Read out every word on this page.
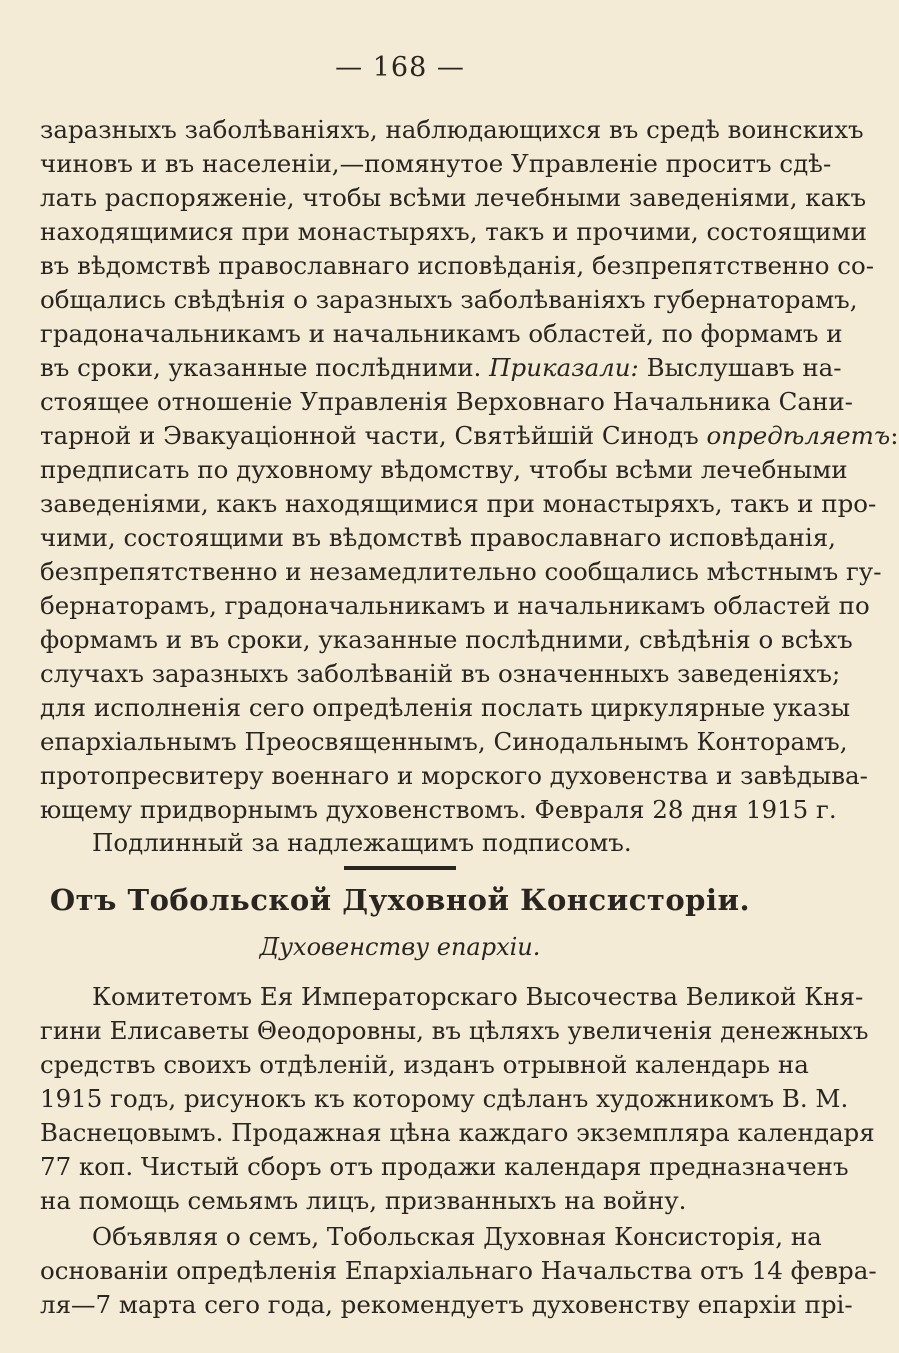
— 168 —
заразныхъ заболѣваніяхъ, наблюдающихся въ средѣ воинскихъ
чиновъ и въ населеніи,—помянутое Управленіе проситъ сдѣ-
лать распоряженіе, чтобы всѣми лечебными заведеніями, какъ
находящимися при монастыряхъ, такъ и прочими, состоящими
въ вѣдомствѣ православнаго исповѣданія, безпрепятственно со-
общались свѣдѣнія о заразныхъ заболѣваніяхъ губернаторамъ,
градоначальникамъ и начальникамъ областей, по формамъ и
въ сроки, указанные послѣдними. Приказали: Выслушавъ на-
стоящее отношеніе Управленія Верховнаго Начальника Сани-
тарной и Эвакуаціонной части, Святѣйшій Синодъ опредѣляетъ:
предписать по духовному вѣдомству, чтобы всѣми лечебными
заведеніями, какъ находящимися при монастыряхъ, такъ и про-
чими, состоящими въ вѣдомствѣ православнаго исповѣданія,
безпрепятственно и незамедлительно сообщались мѣстнымъ гу-
бернаторамъ, градоначальникамъ и начальникамъ областей по
формамъ и въ сроки, указанные послѣдними, свѣдѣнія о всѣхъ
случахъ заразныхъ заболѣваній въ означенныхъ заведеніяхъ;
для исполненія сего опредѣленія послать циркулярные указы
епархіальнымъ Преосвященнымъ, Синодальнымъ Конторамъ,
протопресвитеру военнаго и морского духовенства и завѣдыва-
ющему придворнымъ духовенствомъ. Февраля 28 дня 1915 г.
Подлинный за надлежащимъ подписомъ.
Отъ Тобольской Духовной Консисторіи.
Духовенству епархіи.
Комитетомъ Ея Императорскаго Высочества Великой Кня-
гини Елисаветы Θеодоровны, въ цѣляхъ увеличенія денежныхъ
средствъ своихъ отдѣленій, изданъ отрывной календарь на
1915 годъ, рисунокъ къ которому сдѣланъ художникомъ В. М.
Васнецовымъ. Продажная цѣна каждаго экземпляра календаря
77 коп. Чистый сборъ отъ продажи календаря предназначенъ
на помощь семьямъ лицъ, призванныхъ на войну.
Объявляя о семъ, Тобольская Духовная Консисторія, на
основаніи опредѣленія Епархіальнаго Начальства отъ 14 февра-
ля—7 марта сего года, рекомендуетъ духовенству епархіи прі-
